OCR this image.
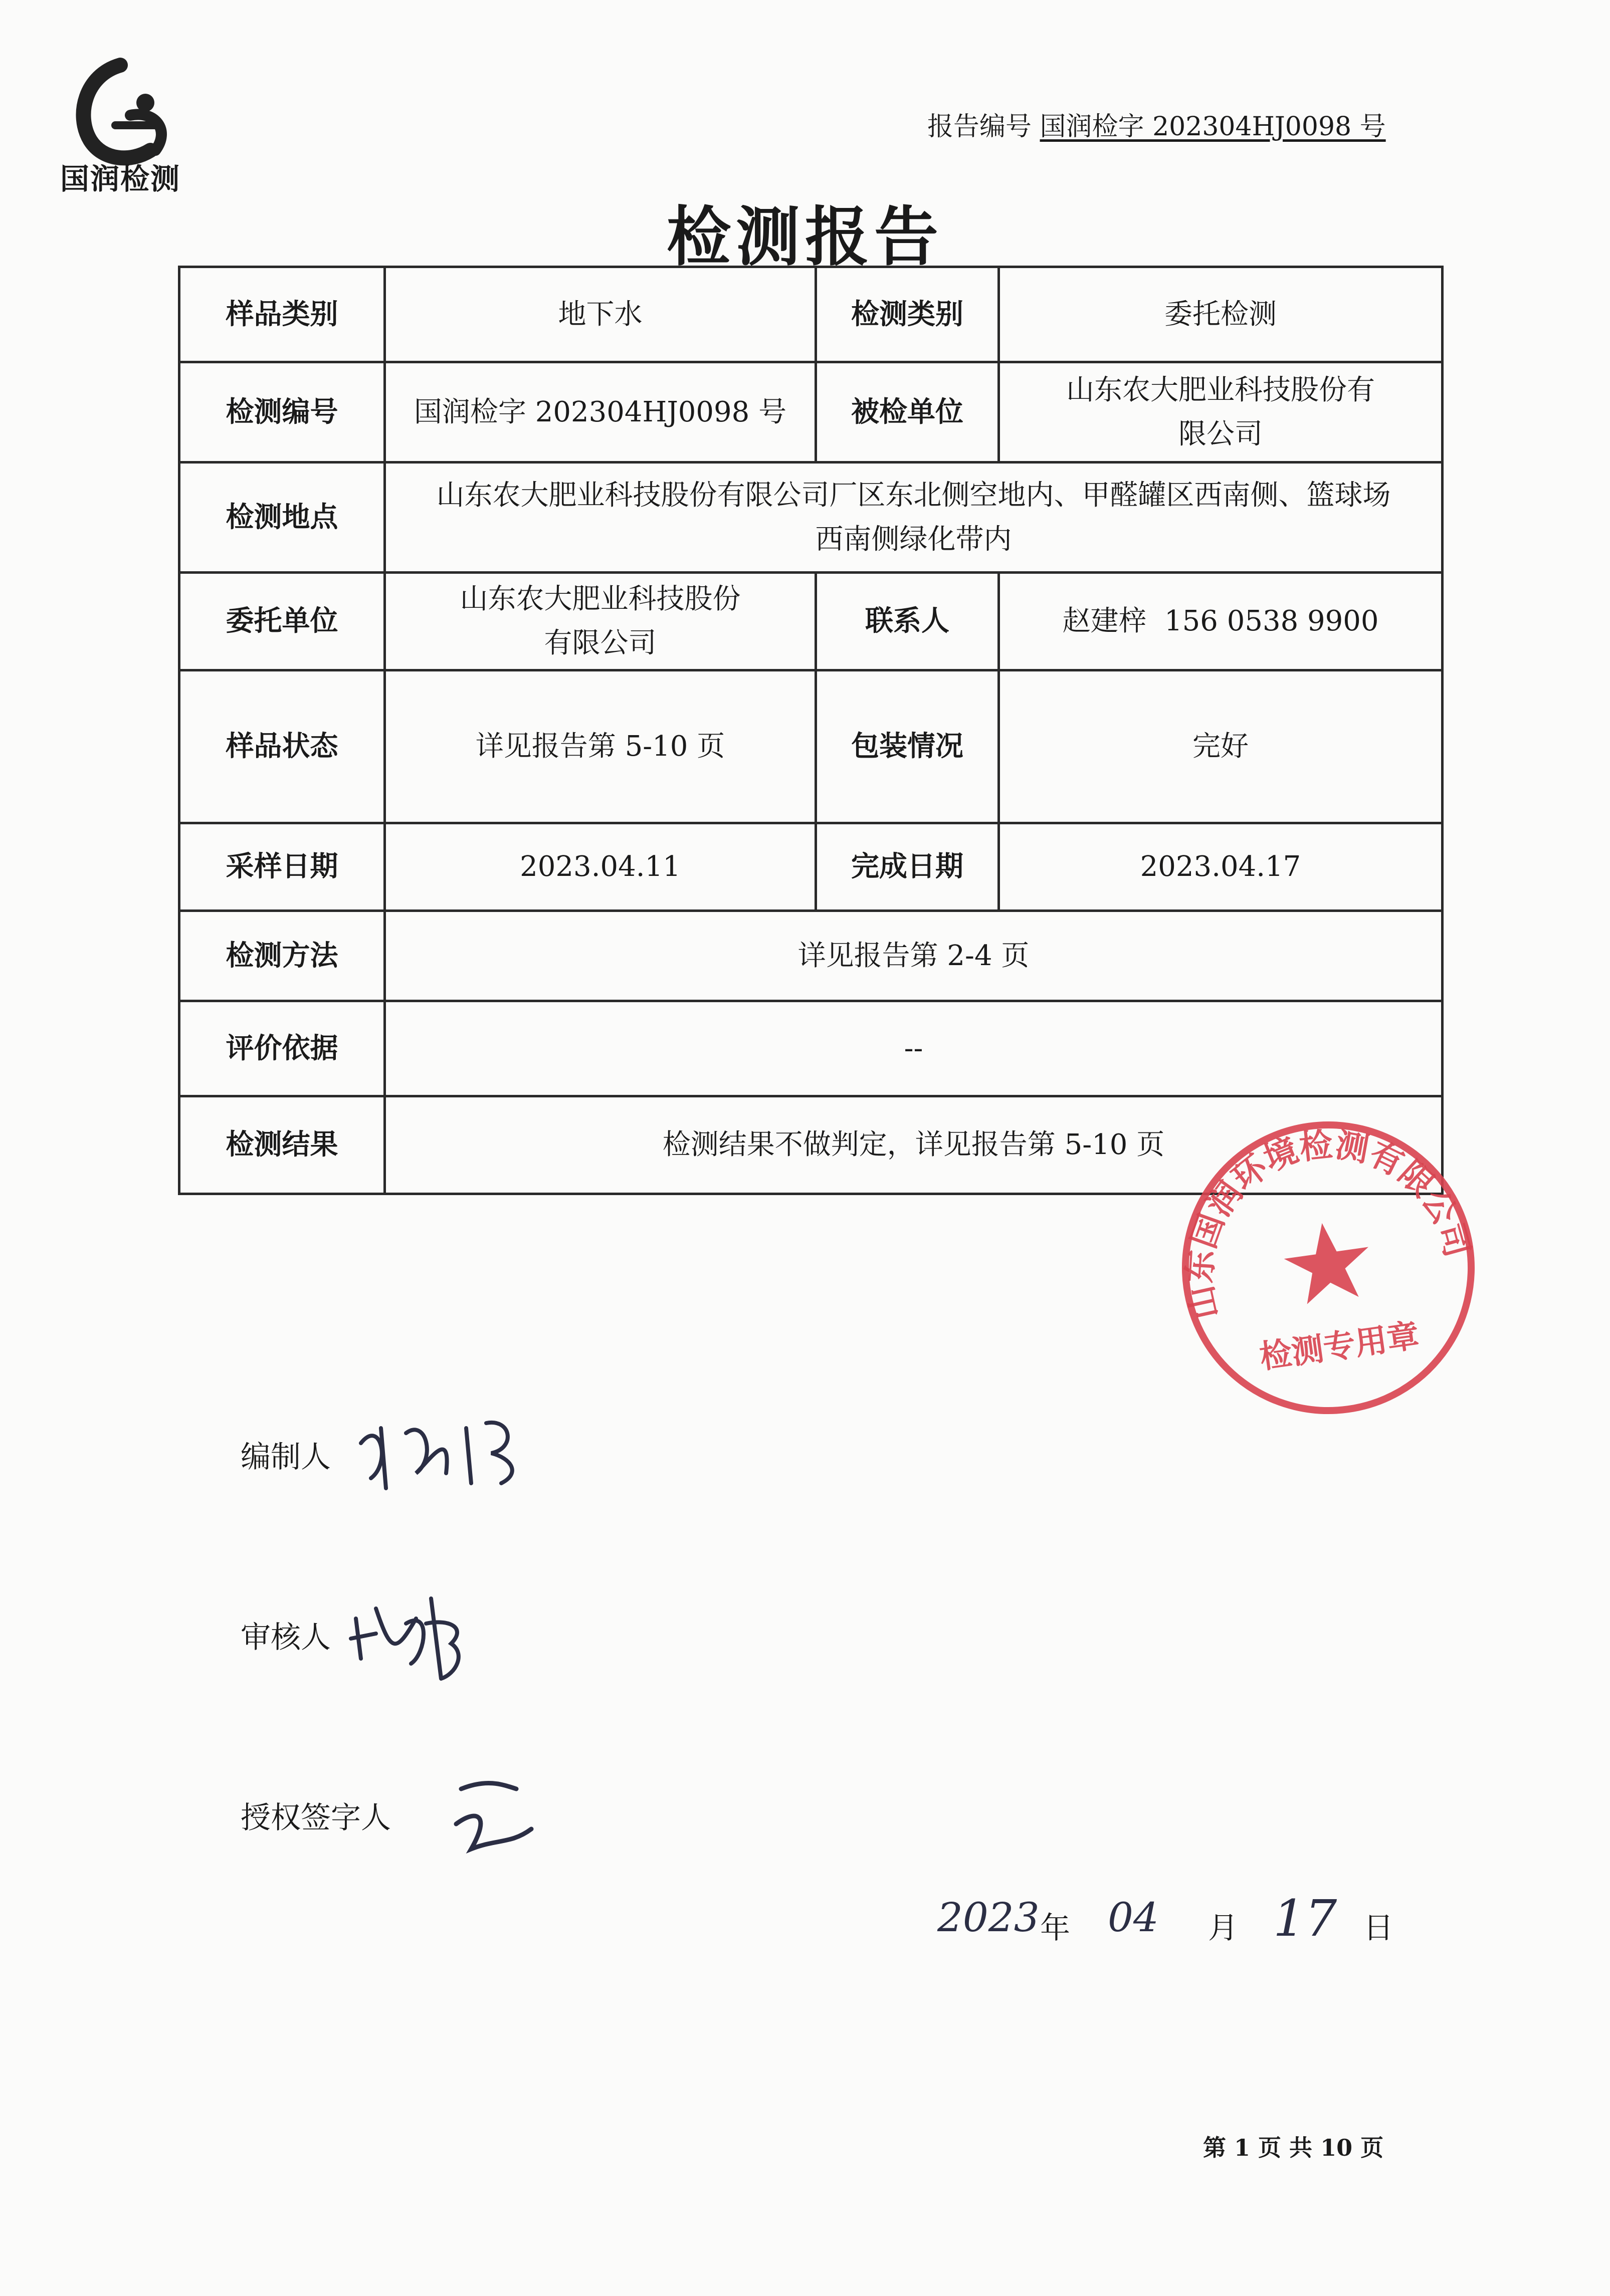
国润检测
报告编号 国润检字 202304HJ0098 号
检测报告
样品类别	地下水	检测类别	委托检测
检测编号	国润检字 202304HJ0098 号	被检单位	山东农大肥业科技股份有限公司
检测地点	山东农大肥业科技股份有限公司厂区东北侧空地内、甲醛罐区西南侧、篮球场西南侧绿化带内		
委托单位	山东农大肥业科技股份有限公司	联系人	赵建梓  156 0538 9900
样品状态	详见报告第 5-10 页	包装情况	完好
采样日期	2023.04.11	完成日期	2023.04.17
检测方法	详见报告第 2-4 页		
评价依据	--		
检测结果	检测结果不做判定，详见报告第 5-10 页		
山东国润环境检测有限公司
检测专用章
编制人
审核人
授权签字人
2023 年 04 月 17 日
第 1 页 共 10 页
